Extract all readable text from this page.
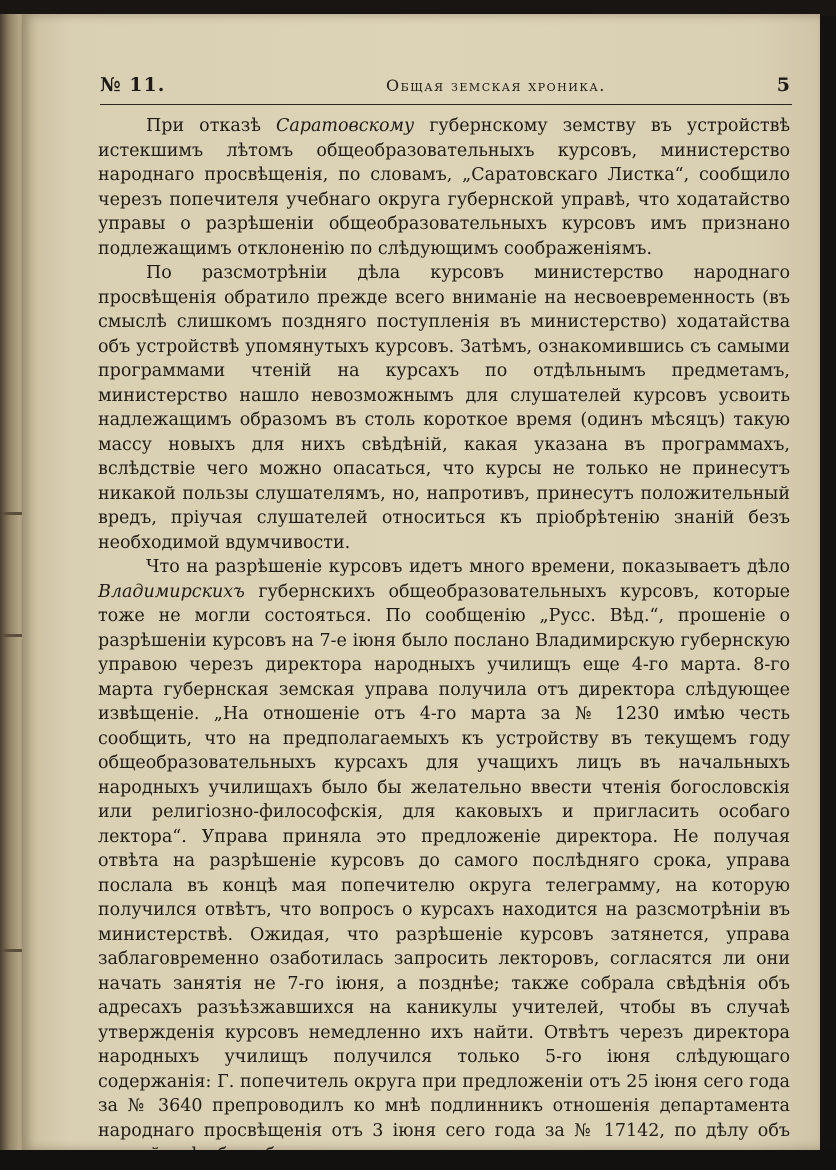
№ 11.	Общая земская хроника.	5

При отказѣ Саратовскому губернскому земству въ устройствѣ истекшимъ лѣтомъ общеобразовательныхъ курсовъ, министерство народнаго просвѣщенія, по словамъ, „Саратовскаго Листка“, сообщило черезъ попечителя учебнаго округа губернской управѣ, что ходатайство управы о разрѣшеніи общеобразовательныхъ курсовъ имъ признано подлежащимъ отклоненію по слѣдующимъ соображеніямъ.

По разсмотрѣніи дѣла курсовъ министерство народнаго просвѣщенія обратило прежде всего вниманіе на несвоевременность (въ смыслѣ слишкомъ поздняго поступленія въ министерство) ходатайства объ устройствѣ упомянутыхъ курсовъ. Затѣмъ, ознакомившись съ самыми программами чтеній на курсахъ по отдѣльнымъ предметамъ, министерство нашло невозможнымъ для слушателей курсовъ усвоить надлежащимъ образомъ въ столь короткое время (одинъ мѣсяцъ) такую массу новыхъ для нихъ свѣдѣній, какая указана въ программахъ, вслѣдствіе чего можно опасаться, что курсы не только не принесутъ никакой пользы слушателямъ, но, напротивъ, принесутъ положительный вредъ, пріучая слушателей относиться къ пріобрѣтенію знаній безъ необходимой вдумчивости.

Что на разрѣшеніе курсовъ идетъ много времени, показываетъ дѣло Владимирскихъ губернскихъ общеобразовательныхъ курсовъ, которые тоже не могли состояться. По сообщенію „Русс. Вѣд.“, прошеніе о разрѣшеніи курсовъ на 7-е іюня было послано Владимирскую губернскую управою черезъ директора народныхъ училищъ еще 4-го марта. 8-го марта губернская земская управа получила отъ директора слѣдующее извѣщеніе. „На отношеніе отъ 4-го марта за № 1230 имѣю честь сообщить, что на предполагаемыхъ къ устройству въ текущемъ году общеобразовательныхъ курсахъ для учащихъ лицъ въ начальныхъ народныхъ училищахъ было бы желательно ввести чтенія богословскія или религіозно-философскія, для каковыхъ и пригласить особаго лектора“. Управа приняла это предложеніе директора. Не получая отвѣта на разрѣшеніе курсовъ до самого послѣдняго срока, управа послала въ концѣ мая попечителю округа телеграмму, на которую получился отвѣтъ, что вопросъ о курсахъ находится на разсмотрѣніи въ министерствѣ. Ожидая, что разрѣшеніе курсовъ затянется, управа заблаговременно озаботилась запросить лекторовъ, согласятся ли они начать занятія не 7-го іюня, а позднѣе; также собрала свѣдѣнія объ адресахъ разъѣзжавшихся на каникулы учителей, чтобы въ случаѣ утвержденія курсовъ немедленно ихъ найти. Отвѣтъ черезъ директора народныхъ училищъ получился только 5-го іюня слѣдующаго содержанія: Г. попечитель округа при предложеніи отъ 25 іюня сего года за № 3640 препроводилъ ко мнѣ подлинникъ отношенія департамента народнаго просвѣщенія отъ 3 іюня сего года за № 17142, по дѣлу объ
